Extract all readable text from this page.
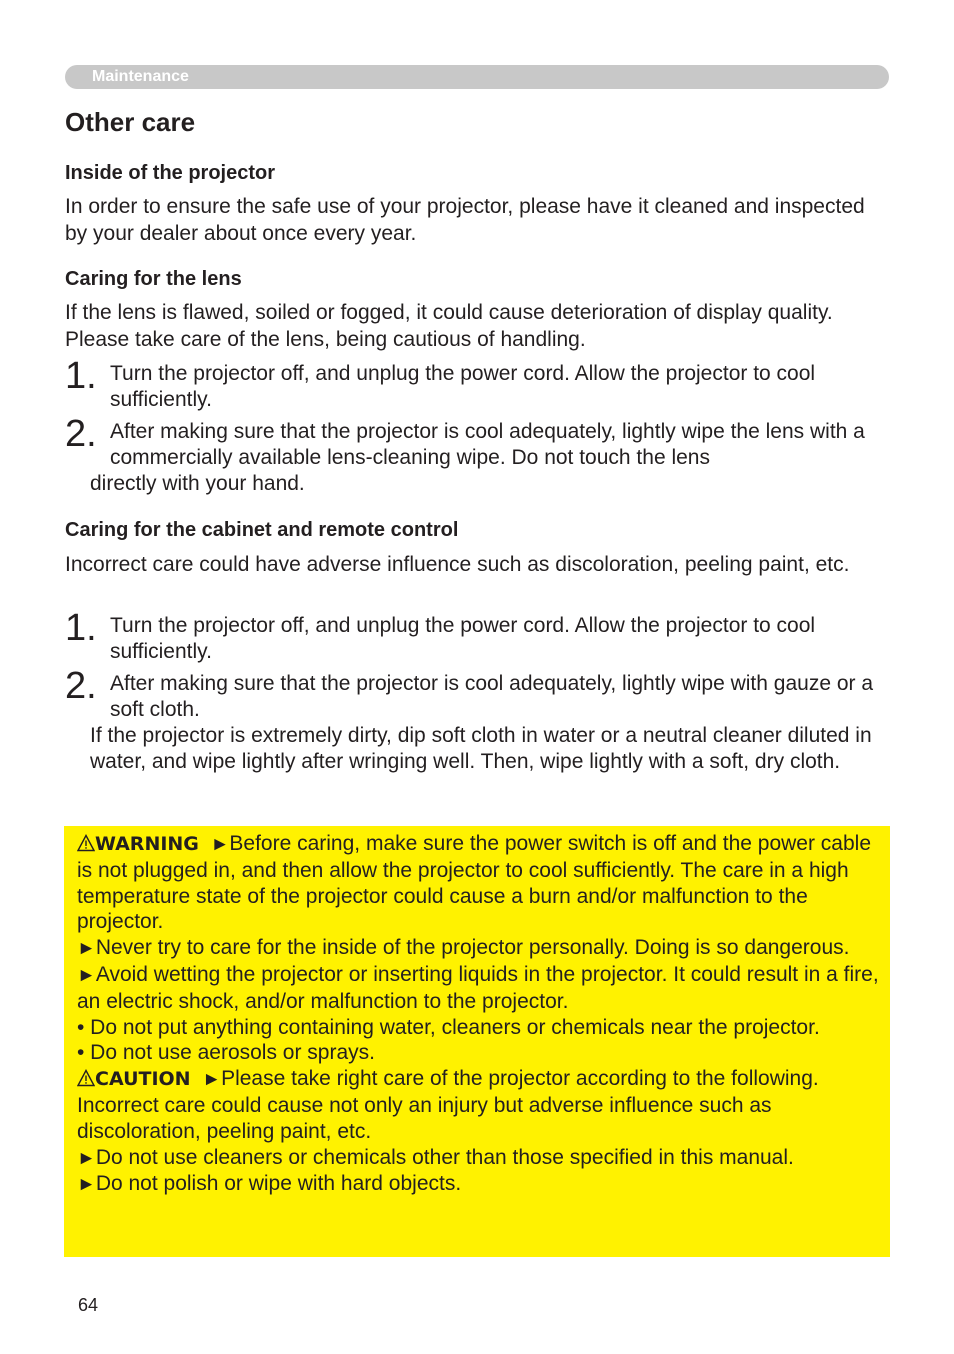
Maintenance
Other care
Inside of the projector
In order to ensure the safe use of your projector, please have it cleaned and inspected by your dealer about once every year.
Caring for the lens
If the lens is flawed, soiled or fogged, it could cause deterioration of display quality. Please take care of the lens, being cautious of handling.
1. Turn the projector off, and unplug the power cord. Allow the projector to cool sufficiently.
2. After making sure that the projector is cool adequately, lightly wipe the lens with a commercially available lens-cleaning wipe. Do not touch the lens
directly with your hand.
Caring for the cabinet and remote control
Incorrect care could have adverse influence such as discoloration, peeling paint, etc.
1. Turn the projector off, and unplug the power cord. Allow the projector to cool sufficiently.
2. After making sure that the projector is cool adequately, lightly wipe with gauze or a soft cloth.
If the projector is extremely dirty, dip soft cloth in water or a neutral cleaner diluted in water, and wipe lightly after wringing well. Then, wipe lightly with a soft, dry cloth.

WARNING ►Before caring, make sure the power switch is off and the power cable is not plugged in, and then allow the projector to cool sufficiently. The care in a high temperature state of the projector could cause a burn and/or malfunction to the projector.

►Never try to care for the inside of the projector personally. Doing is so dangerous.

►Avoid wetting the projector or inserting liquids in the projector. It could result in a fire, an electric shock, and/or malfunction to the projector.

• Do not put anything containing water, cleaners or chemicals near the projector.

• Do not use aerosols or sprays.

CAUTION ►Please take right care of the projector according to the following. Incorrect care could cause not only an injury but adverse influence such as discoloration, peeling paint, etc.

►Do not use cleaners or chemicals other than those specified in this manual.

►Do not polish or wipe with hard objects.

64
